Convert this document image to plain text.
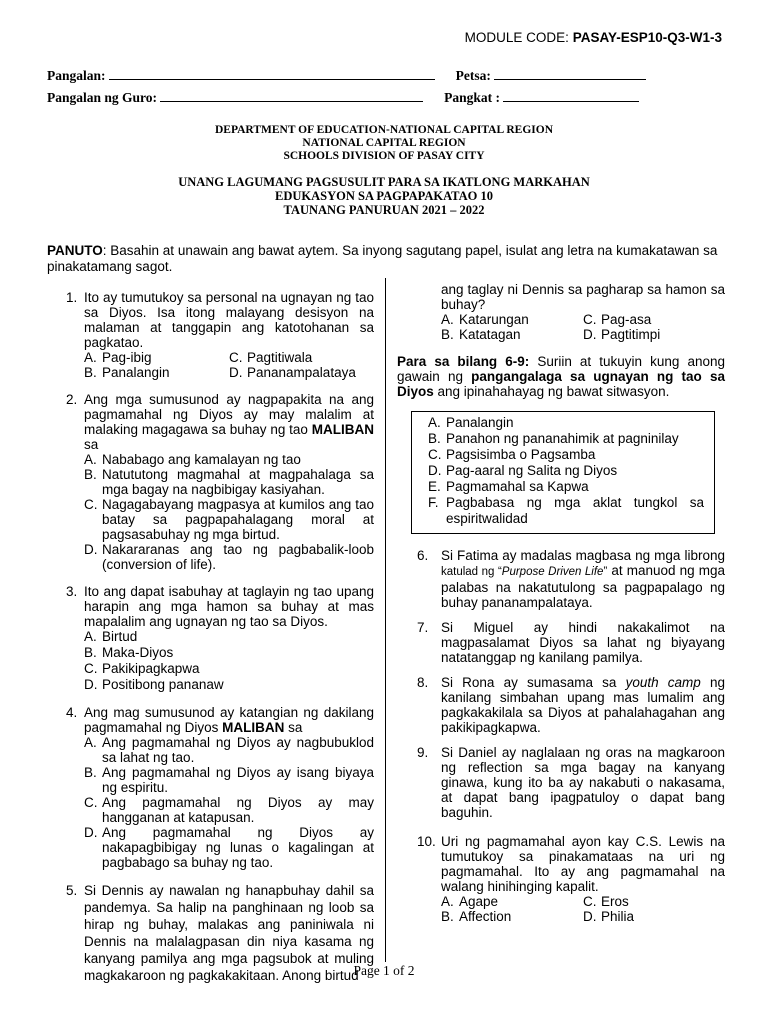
MODULE CODE: PASAY-ESP10-Q3-W1-3
Pangalan:	Petsa:
Pangalan ng Guro:	Pangkat :
DEPARTMENT OF EDUCATION-NATIONAL CAPITAL REGION
NATIONAL CAPITAL REGION
SCHOOLS DIVISION OF PASAY CITY
UNANG LAGUMANG PAGSUSULIT PARA SA IKATLONG MARKAHAN
EDUKASYON SA PAGPAPAKATAO 10
TAUNANG PANURUAN 2021 – 2022
PANUTO: Basahin at unawain ang bawat aytem. Sa inyong sagutang papel, isulat ang letra na kumakatawan sa pinakatamang sagot.
1. Ito ay tumutukoy sa personal na ugnayan ng tao sa Diyos. Isa itong malayang desisyon na malaman at tanggapin ang katotohanan sa pagkatao.
A. Pag-ibig	C. Pagtitiwala
B. Panalangin	D. Pananampalataya
2. Ang mga sumusunod ay nagpapakita na ang pagmamahal ng Diyos ay may malalim at malaking magagawa sa buhay ng tao MALIBAN sa
A. Nababago ang kamalayan ng tao
B. Natututong magmahal at magpahalaga sa mga bagay na nagbibigay kasiyahan.
C. Nagagabayang magpasya at kumilos ang tao batay sa pagpapahalagang moral at pagsasabuhay ng mga birtud.
D. Nakararanas ang tao ng pagbabalik-loob (conversion of life).
3. Ito ang dapat isabuhay at taglayin ng tao upang harapin ang mga hamon sa buhay at mas mapalalim ang ugnayan ng tao sa Diyos.
A. Birtud
B. Maka-Diyos
C. Pakikipagkapwa
D. Positibong pananaw
4. Ang mag sumusunod ay katangian ng dakilang pagmamahal ng Diyos MALIBAN sa
A. Ang pagmamahal ng Diyos ay nagbubuklod sa lahat ng tao.
B. Ang pagmamahal ng Diyos ay isang biyaya ng espiritu.
C. Ang pagmamahal ng Diyos ay may hangganan at katapusan.
D. Ang pagmamahal ng Diyos ay nakapagbibigay ng lunas o kagalingan at pagbabago sa buhay ng tao.
5. Si Dennis ay nawalan ng hanapbuhay dahil sa pandemya. Sa halip na panghinaan ng loob sa hirap ng buhay, malakas ang paniniwala ni Dennis na malalagpasan din niya kasama ng kanyang pamilya ang mga pagsubok at muling magkakaroon ng pagkakakitaan. Anong birtud
ang taglay ni Dennis sa pagharap sa hamon sa buhay?
A. Katarungan	C. Pag-asa
B. Katatagan	D. Pagtitimpi
Para sa bilang 6-9: Suriin at tukuyin kung anong gawain ng pangangalaga sa ugnayan ng tao sa Diyos ang ipinahahayag ng bawat sitwasyon.
A. Panalangin
B. Panahon ng pananahimik at pagninilay
C. Pagsisimba o Pagsamba
D. Pag-aaral ng Salita ng Diyos
E. Pagmamahal sa Kapwa
F. Pagbabasa ng mga aklat tungkol sa espiritwalidad
6. Si Fatima ay madalas magbasa ng mga librong katulad ng “Purpose Driven Life” at manuod ng mga palabas na nakatutulong sa pagpapalago ng buhay pananampalataya.
7. Si Miguel ay hindi nakakalimot na magpasalamat Diyos sa lahat ng biyayang natatanggap ng kanilang pamilya.
8. Si Rona ay sumasama sa youth camp ng kanilang simbahan upang mas lumalim ang pagkakakilala sa Diyos at pahalahagahan ang pakikipagkapwa.
9. Si Daniel ay naglalaan ng oras na magkaroon ng reflection sa mga bagay na kanyang ginawa, kung ito ba ay nakabuti o nakasama, at dapat bang ipagpatuloy o dapat bang baguhin.
10. Uri ng pagmamahal ayon kay C.S. Lewis na tumutukoy sa pinakamataas na uri ng pagmamahal. Ito ay ang pagmamahal na walang hinihinging kapalit.
A. Agape	C. Eros
B. Affection	D. Philia
Page 1 of 2
